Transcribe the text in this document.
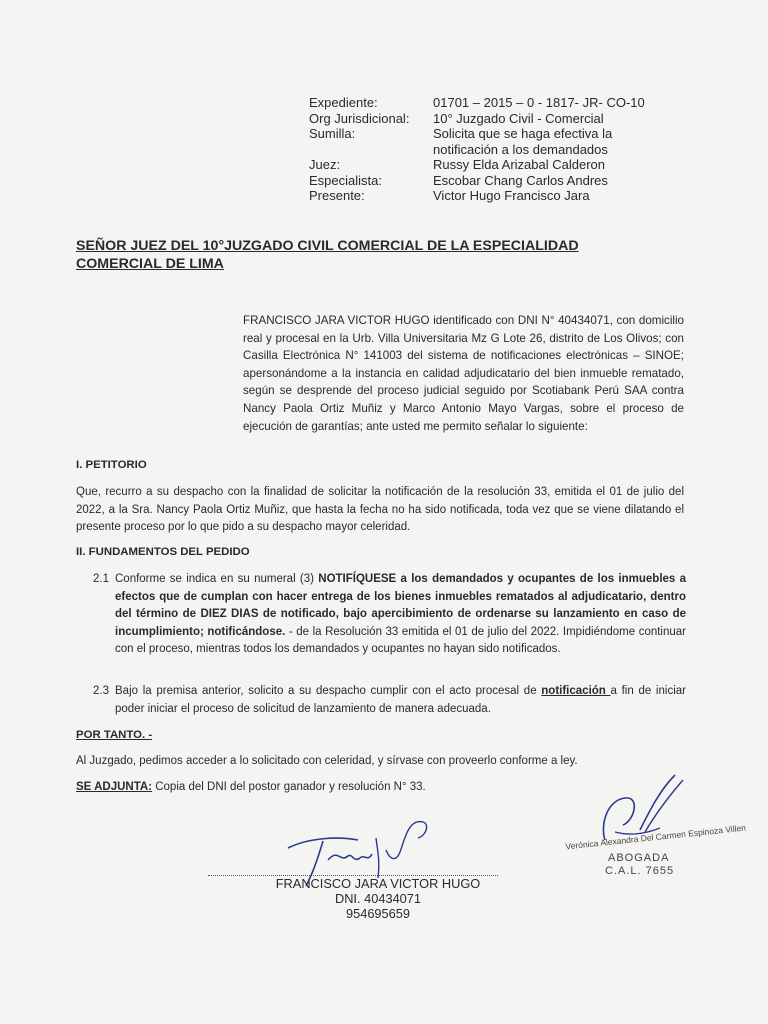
Expediente:	01701 – 2015 – 0 - 1817- JR- CO-10
Org Jurisdicional:	10° Juzgado Civil - Comercial
Sumilla:	Solicita que se haga efectiva la
notificación a los demandados
Juez:	Russy Elda Arizabal Calderon
Especialista:	Escobar Chang Carlos Andres
Presente:	Victor Hugo Francisco Jara
SEÑOR JUEZ DEL 10°JUZGADO CIVIL COMERCIAL DE LA ESPECIALIDAD
COMERCIAL DE LIMA
FRANCISCO JARA VICTOR HUGO identificado con DNI N° 40434071, con domicilio real y procesal en la Urb. Villa Universitaria Mz G Lote 26, distrito de Los Olivos; con Casilla Electrónica N° 141003 del sistema de notificaciones electrónicas – SINOE; apersonándome a la instancia en calidad adjudicatario del bien inmueble rematado, según se desprende del proceso judicial seguido por Scotiabank Perú SAA contra Nancy Paola Ortiz Muñiz y Marco Antonio Mayo Vargas, sobre el proceso de ejecución de garantías; ante usted me permito señalar lo siguiente:
I. PETITORIO
Que, recurro a su despacho con la finalidad de solicitar la notificación de la resolución 33, emitida el 01 de julio del 2022, a la Sra. Nancy Paola Ortiz Muñiz, que hasta la fecha no ha sido notificada, toda vez que se viene dilatando el presente proceso por lo que pido a su despacho mayor celeridad.
II. FUNDAMENTOS DEL PEDIDO
2.1 Conforme se indica en su numeral (3) NOTIFÍQUESE a los demandados y ocupantes de los inmuebles a efectos que de cumplan con hacer entrega de los bienes inmuebles rematados al adjudicatario, dentro del término de DIEZ DIAS de notificado, bajo apercibimiento de ordenarse su lanzamiento en caso de incumplimiento; notificándose. - de la Resolución 33 emitida el 01 de julio del 2022. Impidiéndome continuar con el proceso, mientras todos los demandados y ocupantes no hayan sido notificados.
2.3 Bajo la premisa anterior, solicito a su despacho cumplir con el acto procesal de notificación a fin de iniciar poder iniciar el proceso de solicitud de lanzamiento de manera adecuada.
POR TANTO. -
Al Juzgado, pedimos acceder a lo solicitado con celeridad, y sírvase con proveerlo conforme a ley.
SE ADJUNTA: Copia del DNI del postor ganador y resolución N° 33.
FRANCISCO JARA VICTOR HUGO
DNI. 40434071
954695659
Verónica Alexandra Del Carmen Espinoza Villen
ABOGADA
C.A.L. 7655
